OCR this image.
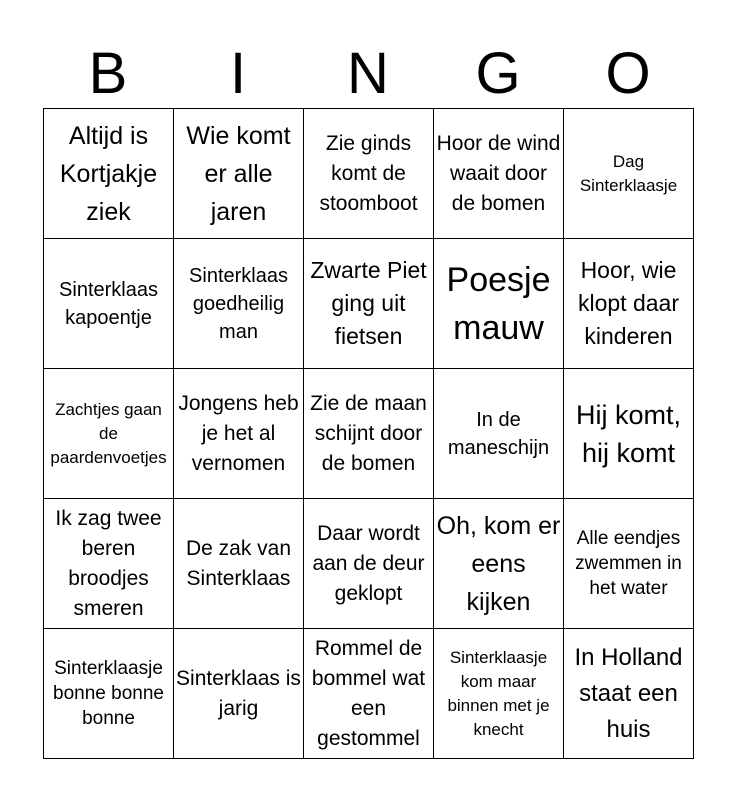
B	I	N	G	O
Altijd is Kortjakje ziek	Wie komt er alle jaren	Zie ginds komt de stoomboot	Hoor de wind waait door de bomen	Dag Sinterklaasje
Sinterklaas kapoentje	Sinterklaas goedheilig man	Zwarte Piet ging uit fietsen	Poesje mauw	Hoor, wie klopt daar kinderen
Zachtjes gaan de paardenvoetjes	Jongens heb je het al vernomen	Zie de maan schijnt door de bomen	In de maneschijn	Hij komt, hij komt
Ik zag twee beren broodjes smeren	De zak van Sinterklaas	Daar wordt aan de deur geklopt	Oh, kom er eens kijken	Alle eendjes zwemmen in het water
Sinterklaasje bonne bonne bonne	Sinterklaas is jarig	Rommel de bommel wat een gestommel	Sinterklaasje kom maar binnen met je knecht	In Holland staat een huis
